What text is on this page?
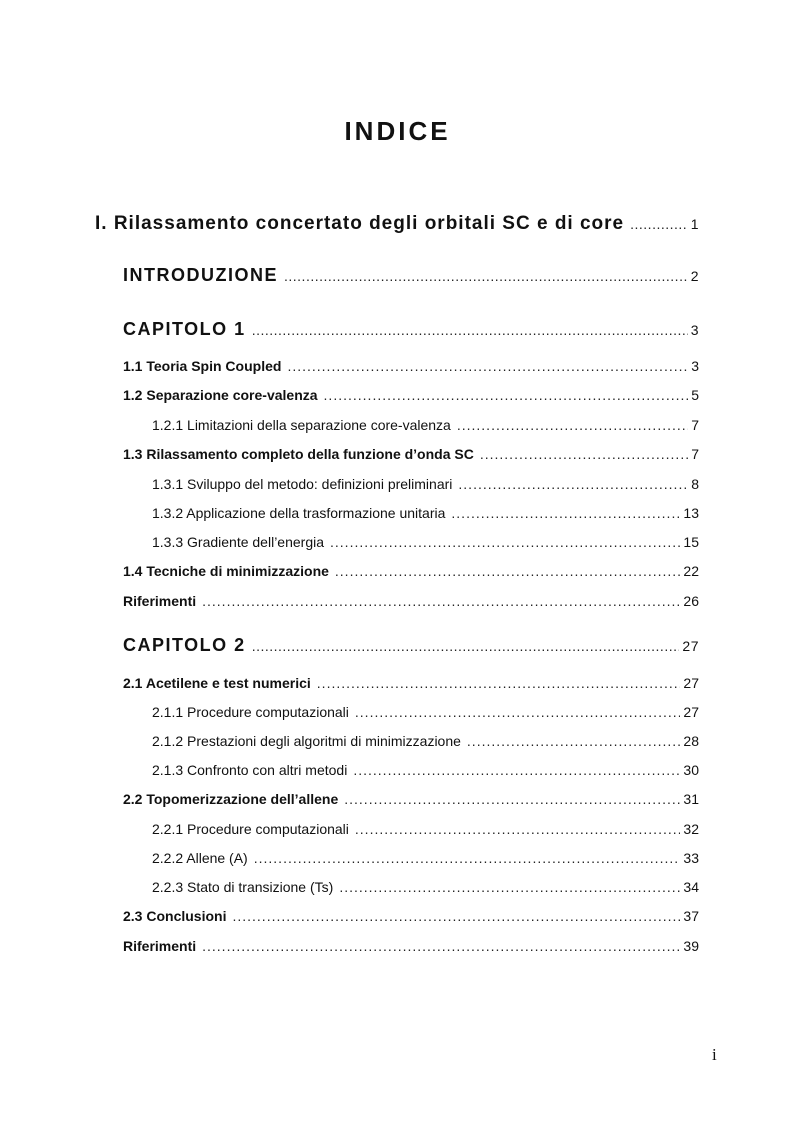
INDICE
I. Rilassamento concertato degli orbitali SC e di core .....	1
INTRODUZIONE .....	2
CAPITOLO 1 .....	3
1.1 Teoria Spin Coupled .....	3
1.2 Separazione core-valenza .....	5
1.2.1 Limitazioni della separazione core-valenza .....	7
1.3 Rilassamento completo della funzione d’onda SC .....	7
1.3.1 Sviluppo del metodo: definizioni preliminari .....	8
1.3.2 Applicazione della trasformazione unitaria .....	13
1.3.3 Gradiente dell’energia .....	15
1.4 Tecniche di minimizzazione .....	22
Riferimenti .....	26
CAPITOLO 2 .....	27
2.1 Acetilene e test numerici .....	27
2.1.1 Procedure computazionali .....	27
2.1.2 Prestazioni degli algoritmi di minimizzazione .....	28
2.1.3 Confronto con altri metodi .....	30
2.2 Topomerizzazione dell’allene .....	31
2.2.1 Procedure computazionali .....	32
2.2.2 Allene (A) .....	33
2.2.3 Stato di transizione (Ts) .....	34
2.3 Conclusioni .....	37
Riferimenti .....	39
i
